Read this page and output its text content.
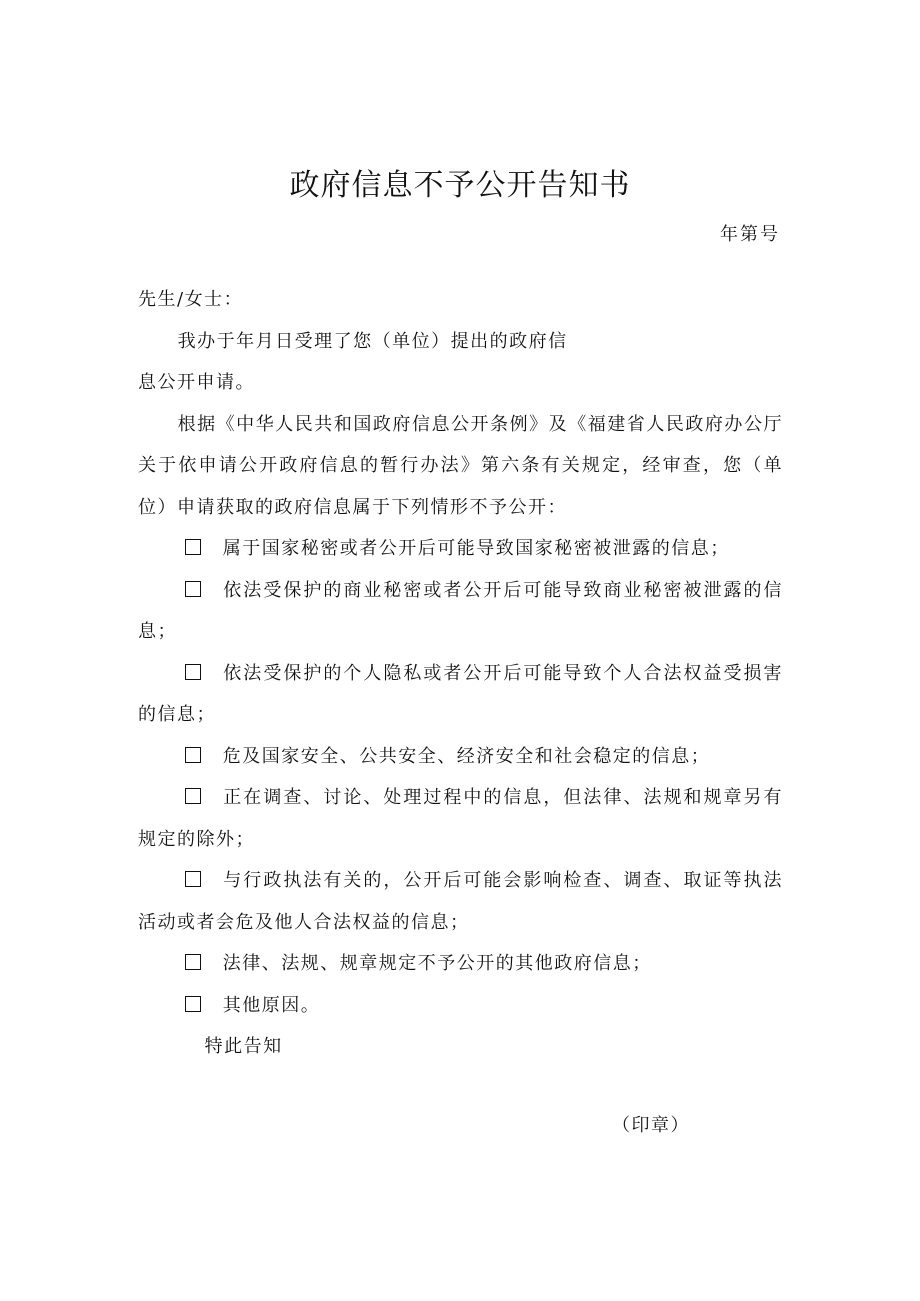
政府信息不予公开告知书
年第号

先生/女士：

我办于年月日受理了您（单位）提出的政府信

息公开申请。

根据《中华人民共和国政府信息公开条例》及《福建省人民政府办公厅关于依申请公开政府信息的暂行办法》第六条有关规定，经审查，您（单位）申请获取的政府信息属于下列情形不予公开：

属于国家秘密或者公开后可能导致国家秘密被泄露的信息；

依法受保护的商业秘密或者公开后可能导致商业秘密被泄露的信息；

依法受保护的个人隐私或者公开后可能导致个人合法权益受损害的信息；

危及国家安全、公共安全、经济安全和社会稳定的信息；

正在调查、讨论、处理过程中的信息，但法律、法规和规章另有规定的除外；

与行政执法有关的，公开后可能会影响检查、调查、取证等执法活动或者会危及他人合法权益的信息；

法律、法规、规章规定不予公开的其他政府信息；

其他原因。

特此告知

（印章）
